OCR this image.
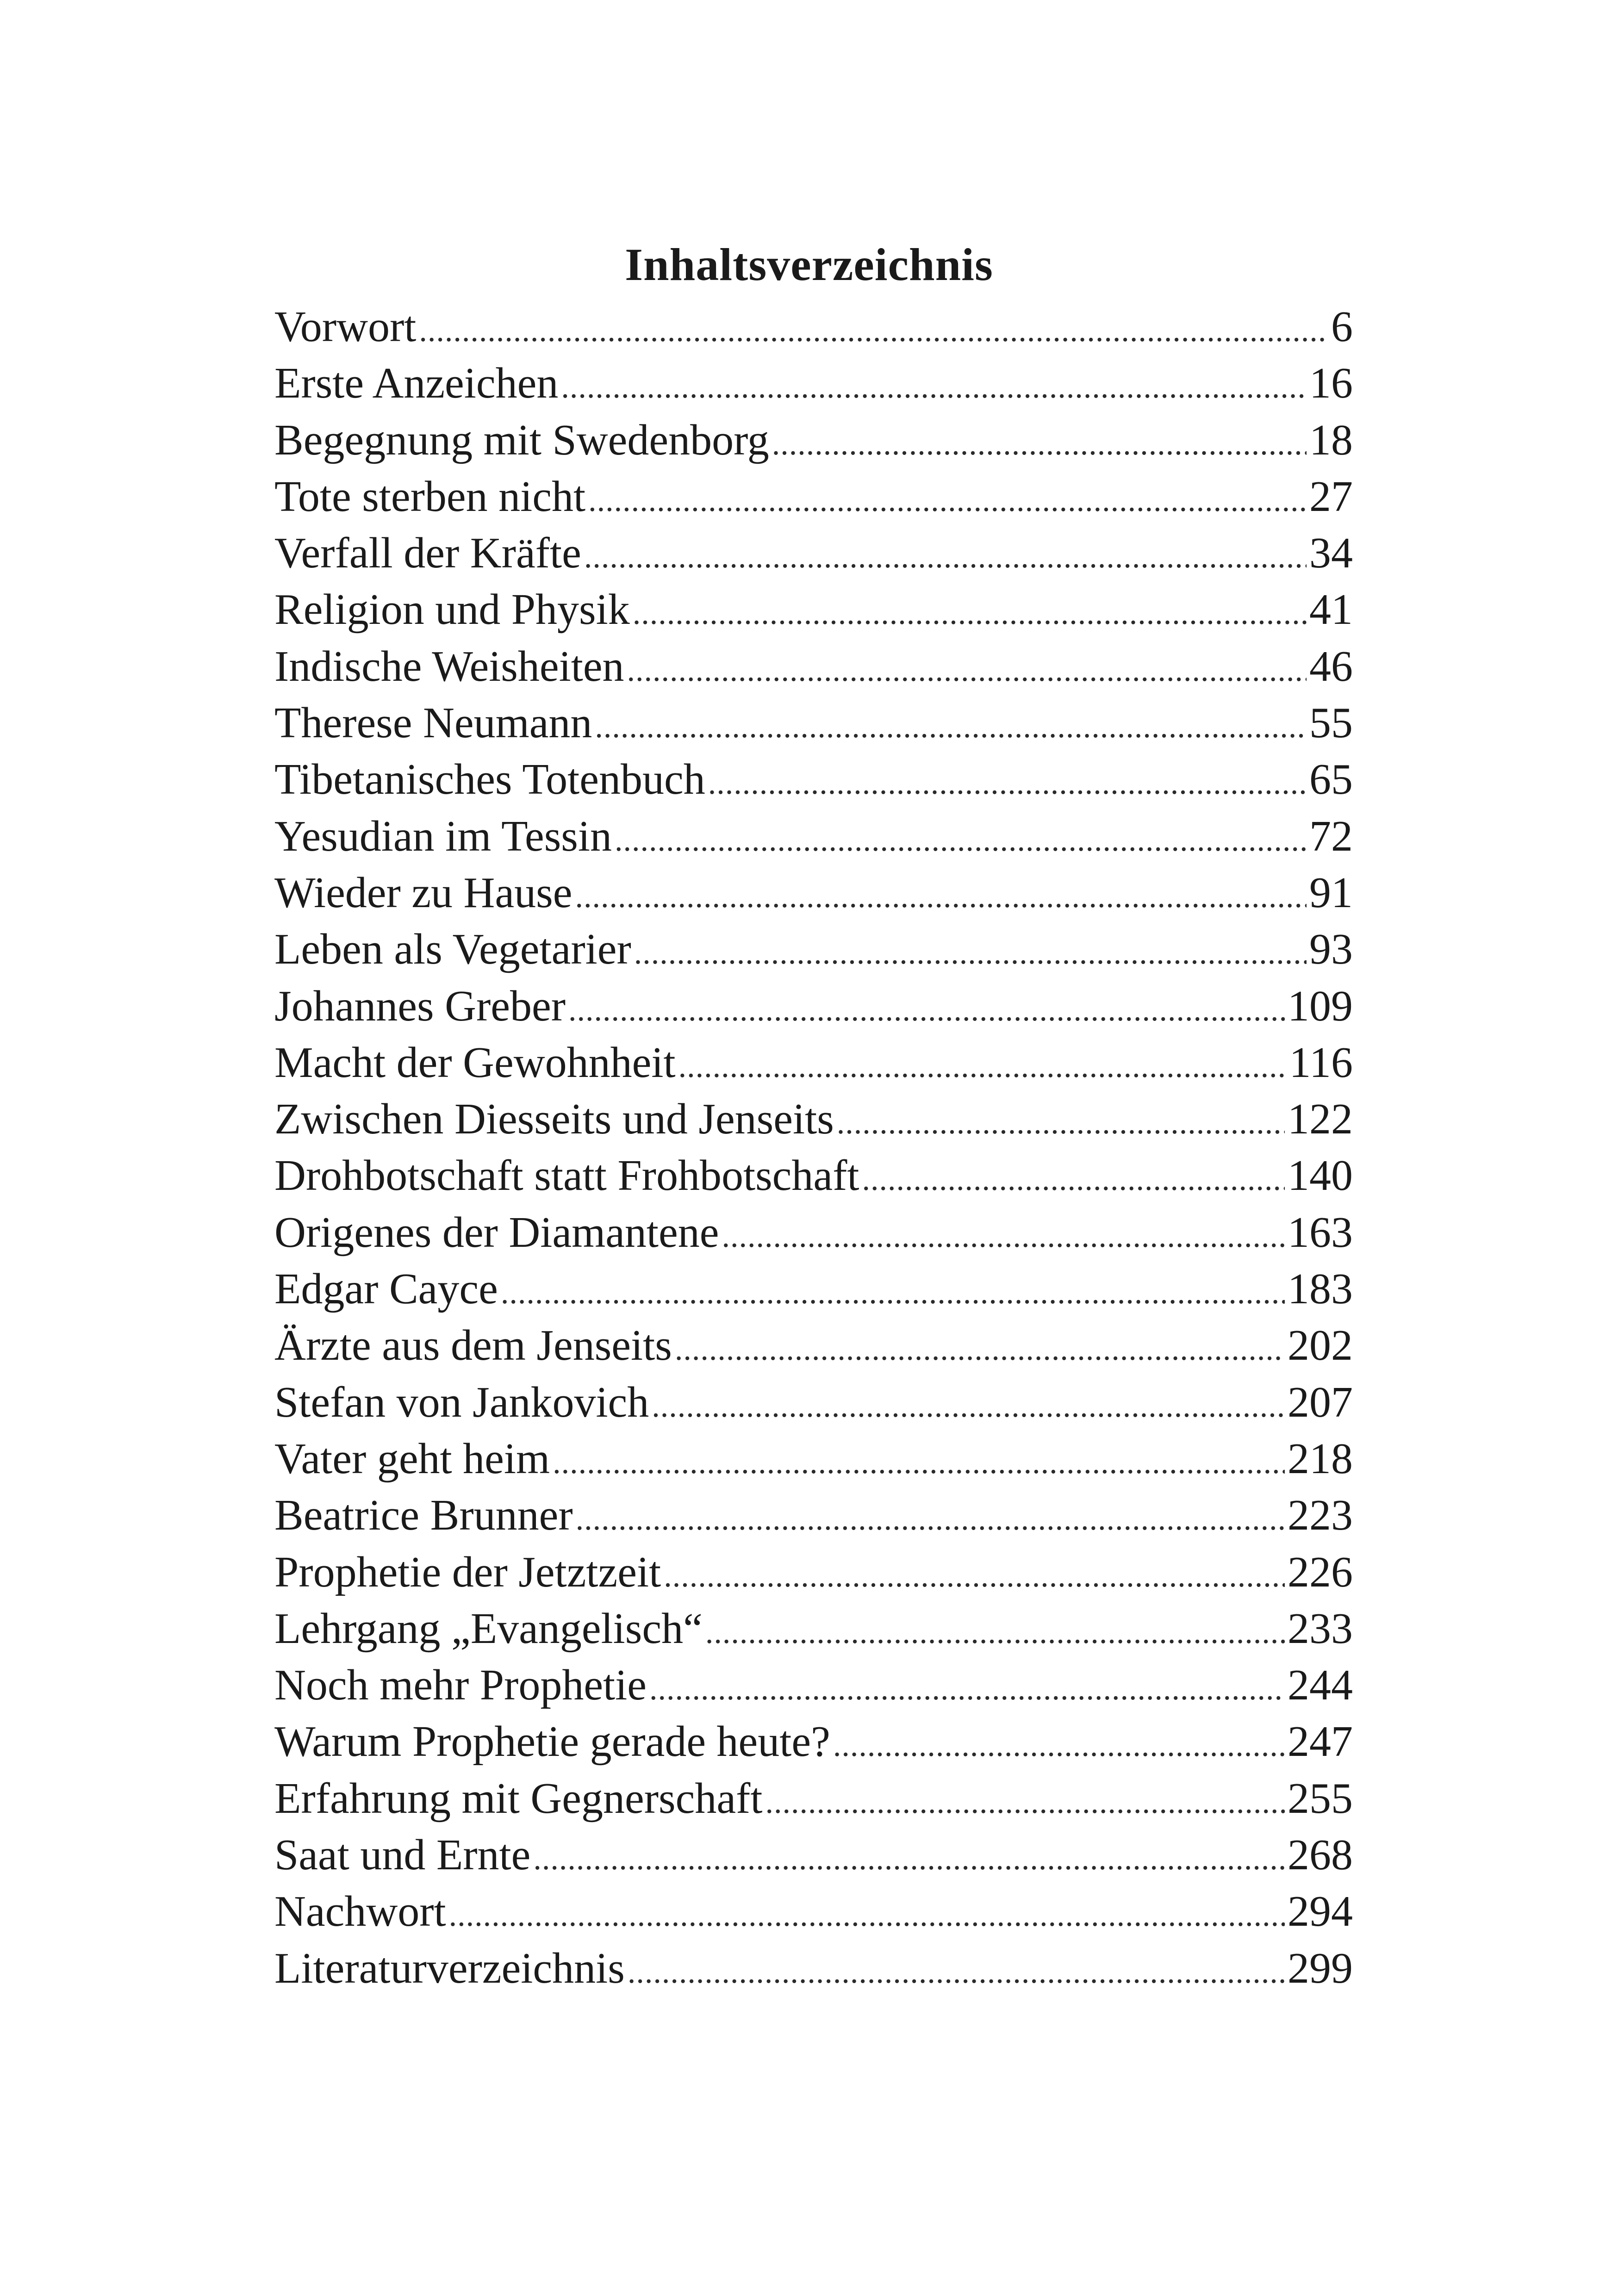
Inhaltsverzeichnis
Vorwort .....	6
Erste Anzeichen .....	16
Begegnung mit Swedenborg .....	18
Tote sterben nicht .....	27
Verfall der Kräfte .....	34
Religion und Physik .....	41
Indische Weisheiten .....	46
Therese Neumann .....	55
Tibetanisches Totenbuch .....	65
Yesudian im Tessin .....	72
Wieder zu Hause .....	91
Leben als Vegetarier .....	93
Johannes Greber .....	109
Macht der Gewohnheit .....	116
Zwischen Diesseits und Jenseits .....	122
Drohbotschaft statt Frohbotschaft .....	140
Origenes der Diamantene .....	163
Edgar Cayce .....	183
Ärzte aus dem Jenseits .....	202
Stefan von Jankovich .....	207
Vater geht heim .....	218
Beatrice Brunner .....	223
Prophetie der Jetztzeit .....	226
Lehrgang „Evangelisch“ .....	233
Noch mehr Prophetie .....	244
Warum Prophetie gerade heute? .....	247
Erfahrung mit Gegnerschaft .....	255
Saat und Ernte .....	268
Nachwort .....	294
Literaturverzeichnis .....	299
